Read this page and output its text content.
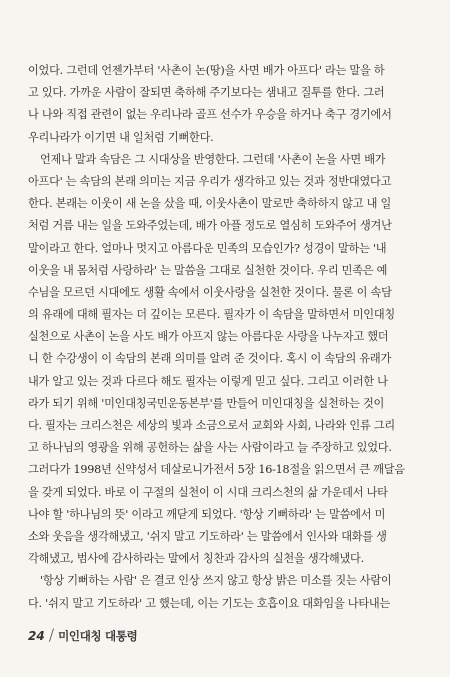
이었다. 그런데 언젠가부터 '사촌이 논(땅)을 사면 배가 아프다' 라는 말을 하
고 있다. 가까운 사람이 잘되면 축하해 주기보다는 샘내고 질투를 한다. 그러
나 나와 직접 관련이 없는 우리나라 골프 선수가 우승을 하거나 축구 경기에서
우리나라가 이기면 내 일처럼 기뻐한다.
언제나 말과 속담은 그 시대상을 반영한다. 그런데 '사촌이 논을 사면 배가
아프다' 는 속담의 본래 의미는 지금 우리가 생각하고 있는 것과 정반대였다고
한다. 본래는 이웃이 새 논을 샀을 때, 이웃사촌이 말로만 축하하지 않고 내 일
처럼 거름 내는 일을 도와주었는데, 배가 아플 정도로 열심히 도와주어 생겨난
말이라고 한다. 얼마나 멋지고 아름다운 민족의 모습인가? 성경이 말하는 '내
이웃을 내 몸처럼 사랑하라' 는 말씀을 그대로 실천한 것이다. 우리 민족은 예
수님을 모르던 시대에도 생활 속에서 이웃사랑을 실천한 것이다. 물론 이 속담
의 유래에 대해 필자는 더 깊이는 모른다. 필자가 이 속담을 말하면서 미인대칭
실천으로 사촌이 논을 사도 배가 아프지 않는 아름다운 사랑을 나누자고 했더
니 한 수강생이 이 속담의 본래 의미를 알려 준 것이다. 혹시 이 속담의 유래가
내가 알고 있는 것과 다르다 해도 필자는 이렇게 믿고 싶다. 그리고 이러한 나
라가 되기 위해 '미인대칭국민운동본부'를 만들어 미인대칭을 실천하는 것이
다. 필자는 크리스천은 세상의 빛과 소금으로서 교회와 사회, 나라와 인류 그리
고 하나님의 영광을 위해 공헌하는 삶을 사는 사람이라고 늘 주장하고 있었다.
그러다가 1998년 신약성서 데살로니가전서 5장 16-18절을 읽으면서 큰 깨달음
을 갖게 되었다. 바로 이 구절의 실천이 이 시대 크리스천의 삶 가운데서 나타
나야 할 '하나님의 뜻' 이라고 깨닫게 되었다. '항상 기뻐하라' 는 말씀에서 미
소와 웃음을 생각해냈고, '쉬지 말고 기도하라' 는 말씀에서 인사와 대화를 생
각해냈고, 범사에 감사하라는 말에서 칭찬과 감사의 실천을 생각해냈다.
'항상 기뻐하는 사람' 은 결코 인상 쓰지 않고 항상 밝은 미소를 짓는 사람이
다. '쉬지 말고 기도하라' 고 했는데, 이는 기도는 호흡이요 대화임을 나타내는
24 / 미인대칭 대통령
